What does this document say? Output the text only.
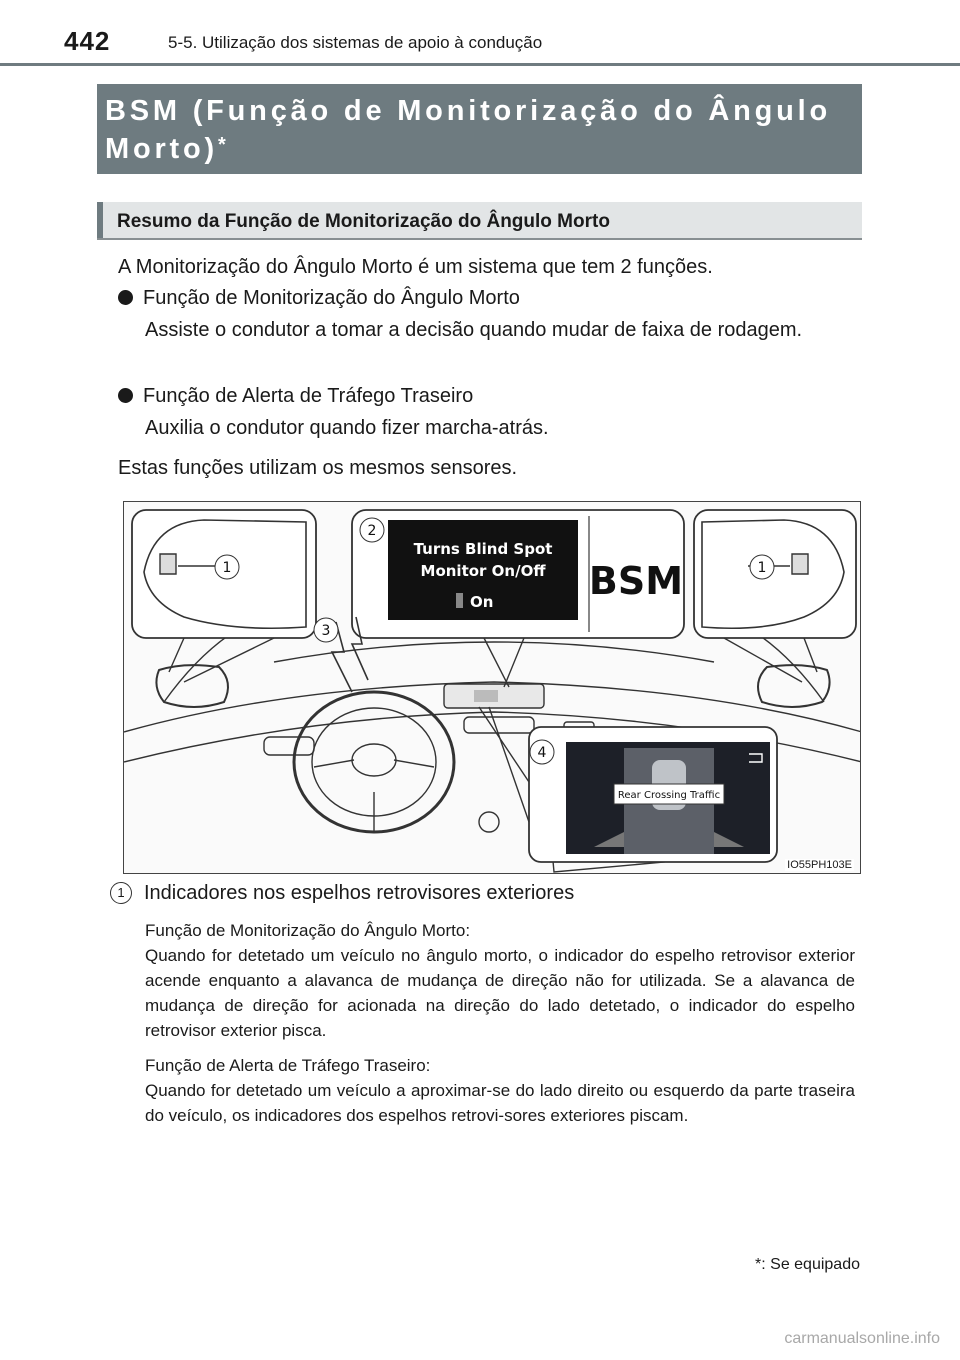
442	5-5. Utilização dos sistemas de apoio à condução
BSM (Função de Monitorização do Ângulo Morto)*
Resumo da Função de Monitorização do Ângulo Morto
A Monitorização do Ângulo Morto é um sistema que tem 2 funções.
Função de Monitorização do Ângulo Morto
Assiste o condutor a tomar a decisão quando mudar de faixa de rodagem.
Função de Alerta de Tráfego Traseiro
Auxilia o condutor quando fizer marcha-atrás.
Estas funções utilizam os mesmos sensores.
Turns Blind Spot
Monitor On/Off
On	BSM
Rear Crossing Traffic
1
2
3
4
1
IO55PH103E
1 Indicadores nos espelhos retrovisores exteriores
Função de Monitorização do Ângulo Morto:
Quando for detetado um veículo no ângulo morto, o indicador do espelho retrovisor exterior acende enquanto a alavanca de mudança de direção não for utilizada. Se a alavanca de mudança de direção for acionada na direção do lado detetado, o indicador do espelho retrovisor exterior pisca.
Função de Alerta de Tráfego Traseiro:
Quando for detetado um veículo a aproximar-se do lado direito ou esquerdo da parte traseira do veículo, os indicadores dos espelhos retrovi-sores exteriores piscam.
*: Se equipado
carmanualsonline.info
